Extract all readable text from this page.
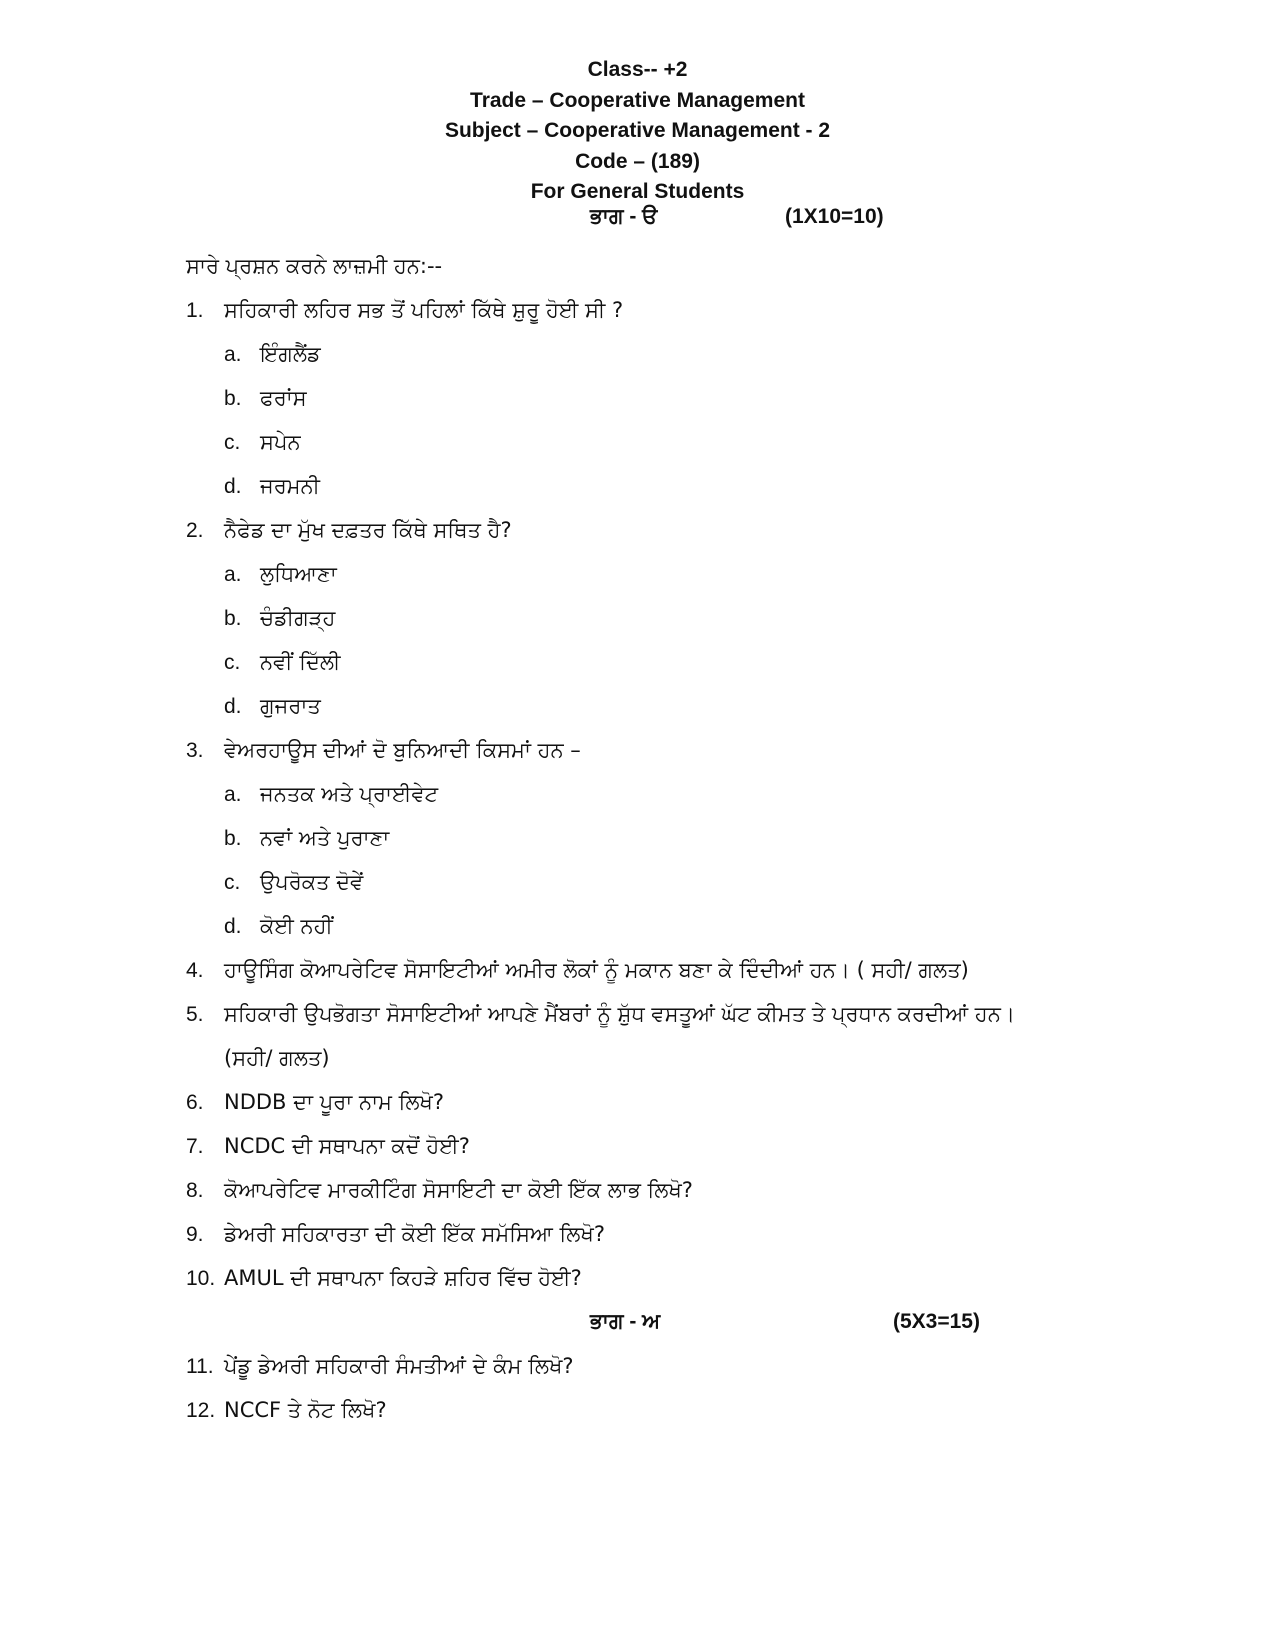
Class-- +2
Trade – Cooperative Management
Subject – Cooperative Management - 2
Code – (189)
For General Students
ਭਾਗ - ੳ	(1X10=10)
ਸਾਰੇ ਪ੍ਰਸ਼ਨ ਕਰਨੇ ਲਾਜ਼ਮੀ ਹਨ:--
1. ਸਹਿਕਾਰੀ ਲਹਿਰ ਸਭ ਤੋਂ ਪਹਿਲਾਂ ਕਿੱਥੇ ਸ਼ੁਰੂ ਹੋਈ ਸੀ ?
a. ਇੰਗਲੈਂਡ
b. ਫਰਾਂਸ
c. ਸਪੇਨ
d. ਜਰਮਨੀ
2. ਨੈਫੇਡ ਦਾ ਮੁੱਖ ਦਫ਼ਤਰ ਕਿੱਥੇ ਸਥਿਤ ਹੈ?
a. ਲੁਧਿਆਣਾ
b. ਚੰਡੀਗੜ੍ਹ
c. ਨਵੀਂ ਦਿੱਲੀ
d. ਗੁਜਰਾਤ
3. ਵੇਅਰਹਾਊਸ ਦੀਆਂ ਦੋ ਬੁਨਿਆਦੀ ਕਿਸਮਾਂ ਹਨ –
a. ਜਨਤਕ ਅਤੇ ਪ੍ਰਾਈਵੇਟ
b. ਨਵਾਂ ਅਤੇ ਪੁਰਾਣਾ
c. ਉਪਰੋਕਤ ਦੋਵੇਂ
d. ਕੋਈ ਨਹੀਂ
4. ਹਾਊਸਿੰਗ ਕੋਆਪਰੇਟਿਵ ਸੋਸਾਇਟੀਆਂ ਅਮੀਰ ਲੋਕਾਂ ਨੂੰ ਮਕਾਨ ਬਣਾ ਕੇ ਦਿੰਦੀਆਂ ਹਨ। ( ਸਹੀ/ ਗਲਤ)
5. ਸਹਿਕਾਰੀ ਉਪਭੋਗਤਾ ਸੋਸਾਇਟੀਆਂ ਆਪਣੇ ਮੈਂਬਰਾਂ ਨੂੰ ਸ਼ੁੱਧ ਵਸਤੂਆਂ ਘੱਟ ਕੀਮਤ ਤੇ ਪ੍ਰਧਾਨ ਕਰਦੀਆਂ ਹਨ।
(ਸਹੀ/ ਗਲਤ)
6. NDDB ਦਾ ਪੂਰਾ ਨਾਮ ਲਿਖੋ?
7. NCDC ਦੀ ਸਥਾਪਨਾ ਕਦੋਂ ਹੋਈ?
8. ਕੋਆਪਰੇਟਿਵ ਮਾਰਕੀਟਿੰਗ ਸੋਸਾਇਟੀ ਦਾ ਕੋਈ ਇੱਕ ਲਾਭ ਲਿਖੋ?
9. ਡੇਅਰੀ ਸਹਿਕਾਰਤਾ ਦੀ ਕੋਈ ਇੱਕ ਸਮੱਸਿਆ ਲਿਖੋ?
10. AMUL ਦੀ ਸਥਾਪਨਾ ਕਿਹੜੇ ਸ਼ਹਿਰ ਵਿੱਚ ਹੋਈ?
ਭਾਗ - ਅ	(5X3=15)
11. ਪੇਂਡੂ ਡੇਅਰੀ ਸਹਿਕਾਰੀ ਸੰਮਤੀਆਂ ਦੇ ਕੰਮ ਲਿਖੋ?
12. NCCF ਤੇ ਨੋਟ ਲਿਖੋ?
